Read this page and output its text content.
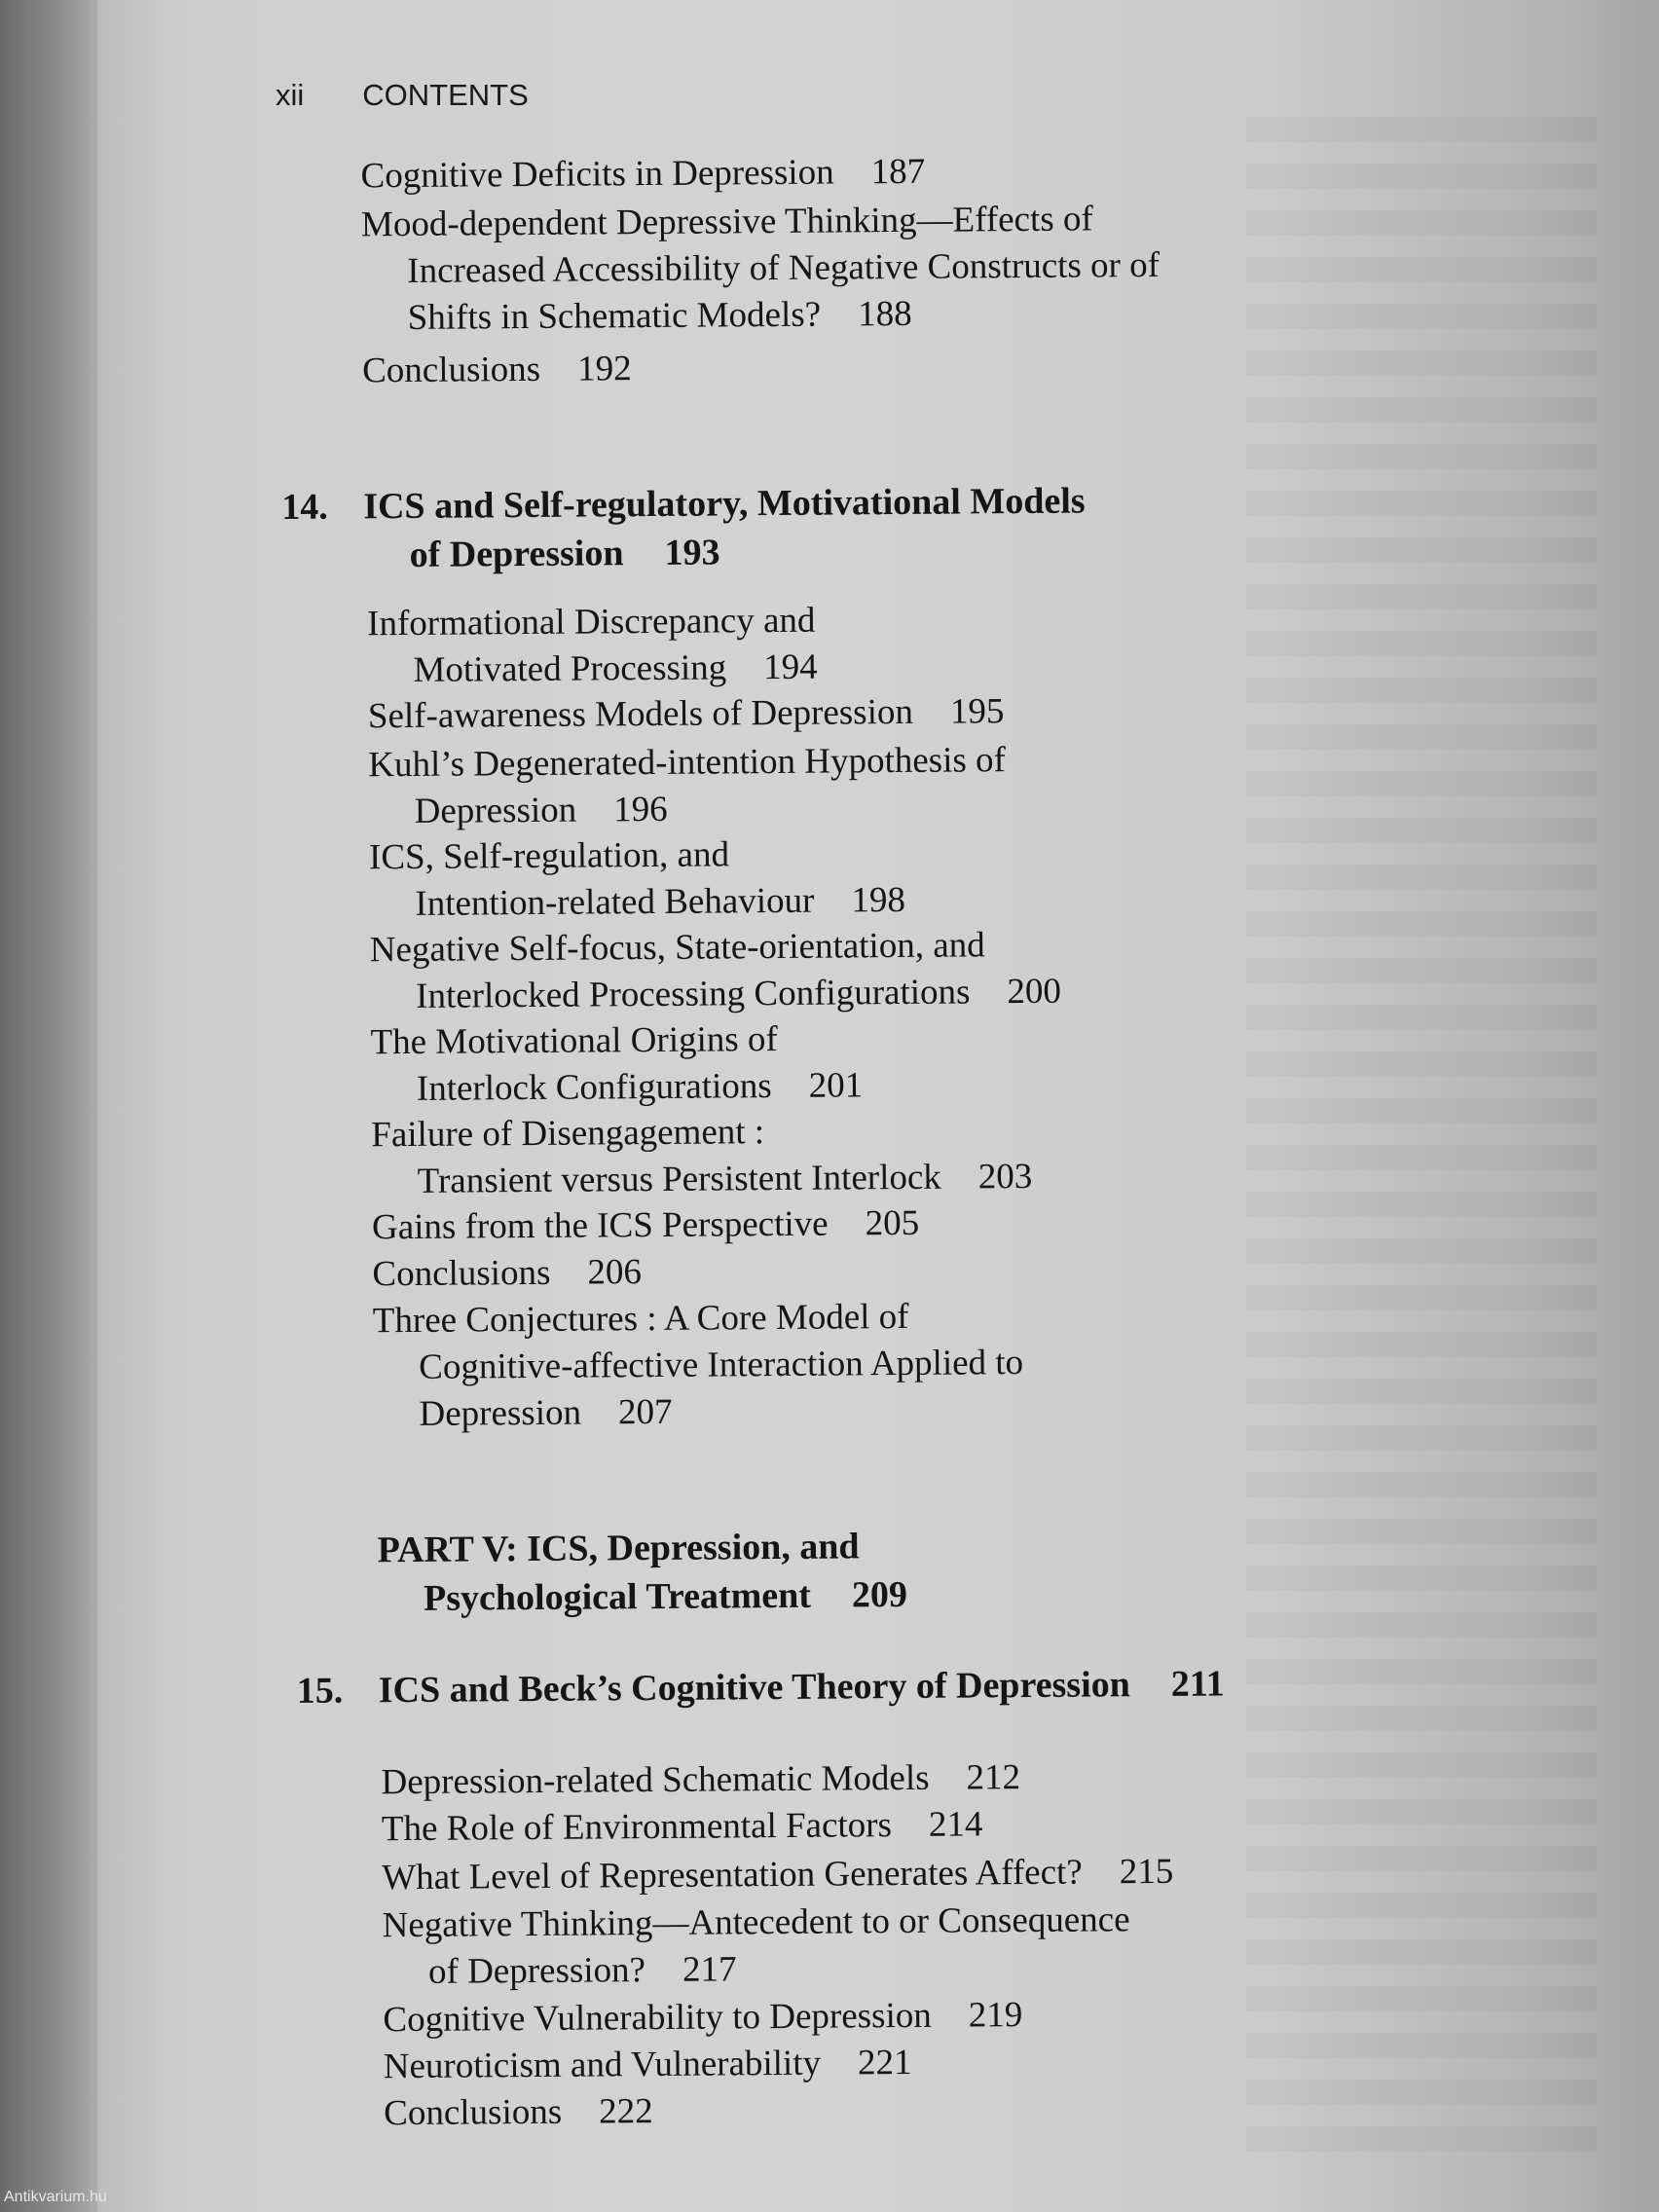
xii CONTENTS
Cognitive Deficits in Depression 187
Mood-dependent Depressive Thinking—Effects of
Increased Accessibility of Negative Constructs or of
Shifts in Schematic Models? 188
Conclusions 192
14. ICS and Self-regulatory, Motivational Models
of Depression 193
Informational Discrepancy and
Motivated Processing 194
Self-awareness Models of Depression 195
Kuhl’s Degenerated-intention Hypothesis of
Depression 196
ICS, Self-regulation, and
Intention-related Behaviour 198
Negative Self-focus, State-orientation, and
Interlocked Processing Configurations 200
The Motivational Origins of
Interlock Configurations 201
Failure of Disengagement :
Transient versus Persistent Interlock 203
Gains from the ICS Perspective 205
Conclusions 206
Three Conjectures : A Core Model of
Cognitive-affective Interaction Applied to
Depression 207
PART V: ICS, Depression, and
Psychological Treatment 209
15. ICS and Beck’s Cognitive Theory of Depression 211
Depression-related Schematic Models 212
The Role of Environmental Factors 214
What Level of Representation Generates Affect? 215
Negative Thinking—Antecedent to or Consequence
of Depression? 217
Cognitive Vulnerability to Depression 219
Neuroticism and Vulnerability 221
Conclusions 222
Antikvarium.hu
